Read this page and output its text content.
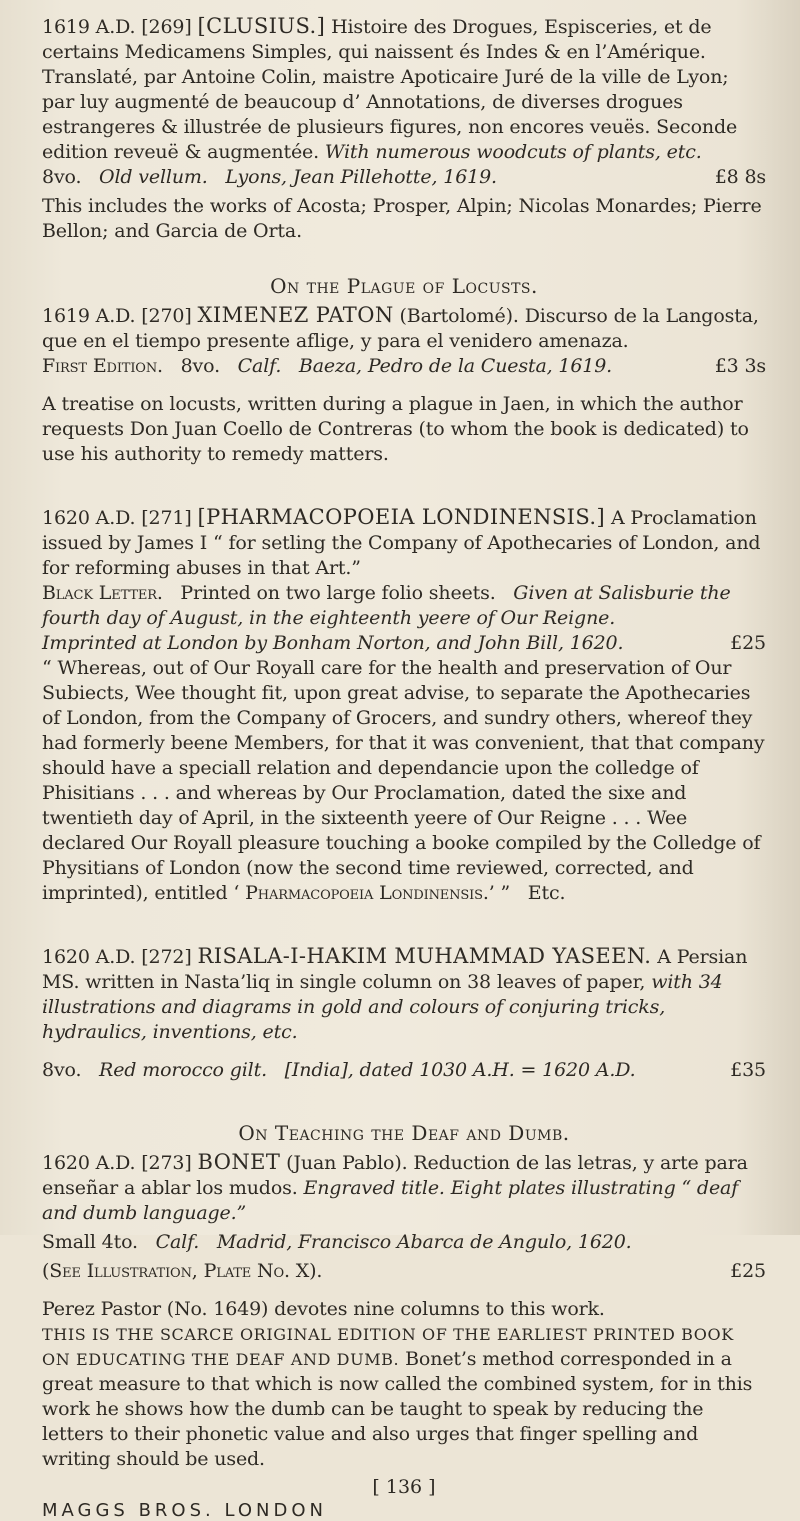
1619 A.D. [269] [CLUSIUS.] Histoire des Drogues, Espisceries, et de certains Medicamens Simples, qui naissent és Indes & en l’Amérique. Translaté, par Antoine Colin, maistre Apoticaire Juré de la ville de Lyon; par luy augmenté de beaucoup d’ Annotations, de diverses drogues estrangeres & illustrée de plusieurs figures, non encores veuës. Seconde edition reveuë & augmentée. With numerous woodcuts of plants, etc.

8vo. Old vellum. Lyons, Jean Pillehotte, 1619.	£8 8s

This includes the works of Acosta; Prosper, Alpin; Nicolas Monardes; Pierre Bellon; and Garcia de Orta.

On the Plague of Locusts.

1619 A.D. [270] XIMENEZ PATON (Bartolomé). Discurso de la Langosta, que en el tiempo presente aflige, y para el venidero amenaza.

First Edition. 8vo. Calf. Baeza, Pedro de la Cuesta, 1619.	£3 3s

A treatise on locusts, written during a plague in Jaen, in which the author requests Don Juan Coello de Contreras (to whom the book is dedicated) to use his authority to remedy matters.

1620 A.D. [271] [PHARMACOPOEIA LONDINENSIS.] A Proclamation issued by James I “ for setling the Company of Apothecaries of London, and for reforming abuses in that Art.”

Black Letter. Printed on two large folio sheets. Given at Salisburie the fourth day of August, in the eighteenth yeere of Our Reigne.

Imprinted at London by Bonham Norton, and John Bill, 1620.	£25

“ Whereas, out of Our Royall care for the health and preservation of Our Subiects, Wee thought fit, upon great advise, to separate the Apothecaries of London, from the Company of Grocers, and sundry others, whereof they had formerly beene Members, for that it was convenient, that that company should have a speciall relation and dependancie upon the colledge of Phisitians . . . and whereas by Our Proclamation, dated the sixe and twentieth day of April, in the sixteenth yeere of Our Reigne . . . Wee declared Our Royall pleasure touching a booke compiled by the Colledge of Physitians of London (now the second time reviewed, corrected, and imprinted), entitled ‘ Pharmacopoeia Londinensis.’ ” Etc.

1620 A.D. [272] RISALA-I-HAKIM MUHAMMAD YASEEN. A Persian MS. written in Nasta’liq in single column on 38 leaves of paper, with 34 illustrations and diagrams in gold and colours of conjuring tricks, hydraulics, inventions, etc.

8vo. Red morocco gilt. [India], dated 1030 A.H. = 1620 A.D.	£35
On Teaching the Deaf and Dumb.

1620 A.D. [273] BONET (Juan Pablo). Reduction de las letras, y arte para enseñar a ablar los mudos. Engraved title. Eight plates illustrating “ deaf and dumb language.”

Small 4to. Calf. Madrid, Francisco Abarca de Angulo, 1620.

(See Illustration, Plate No. X).	£25

Perez Pastor (No. 1649) devotes nine columns to this work.

THIS IS THE SCARCE ORIGINAL EDITION OF THE EARLIEST PRINTED BOOK ON EDUCATING THE DEAF AND DUMB. Bonet’s method corresponded in a great measure to that which is now called the combined system, for in this work he shows how the dumb can be taught to speak by reducing the letters to their phonetic value and also urges that finger spelling and writing should be used.

[ 136 ]
MAGGS BROS. LONDON
